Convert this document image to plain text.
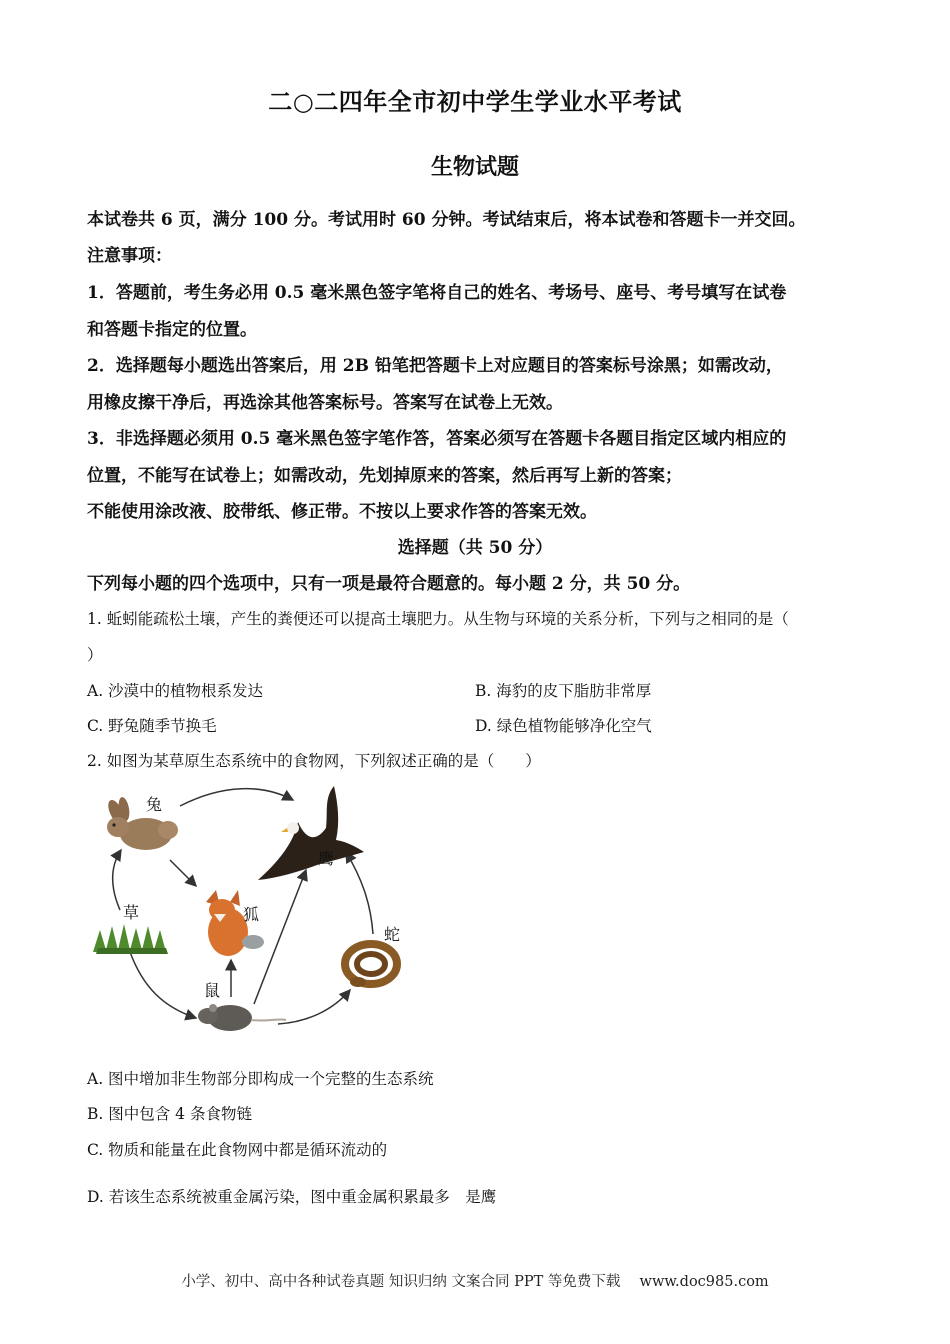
二○二四年全市初中学生学业水平考试
生物试题
本试卷共 6 页，满分 100 分。考试用时 60 分钟。考试结束后，将本试卷和答题卡一并交回。
注意事项：
1．答题前，考生务必用 0.5 毫米黑色签字笔将自己的姓名、考场号、座号、考号填写在试卷
和答题卡指定的位置。
2．选择题每小题选出答案后，用 2B 铅笔把答题卡上对应题目的答案标号涂黑；如需改动，
用橡皮擦干净后，再选涂其他答案标号。答案写在试卷上无效。
3．非选择题必须用 0.5 毫米黑色签字笔作答，答案必须写在答题卡各题目指定区域内相应的
位置，不能写在试卷上；如需改动，先划掉原来的答案，然后再写上新的答案；
不能使用涂改液、胶带纸、修正带。不按以上要求作答的答案无效。
选择题（共 50 分）
下列每小题的四个选项中，只有一项是最符合题意的。每小题 2 分，共 50 分。
1. 蚯蚓能疏松土壤，产生的粪便还可以提高土壤肥力。从生物与环境的关系分析，下列与之相同的是（
）
A. 沙漠中的植物根系发达	B. 海豹的皮下脂肪非常厚
C. 野兔随季节换毛	D. 绿色植物能够净化空气
2. 如图为某草原生态系统中的食物网，下列叙述正确的是（　　）
兔
鹰
草	狐
蛇
鼠
A. 图中增加非生物部分即构成一个完整的生态系统
B. 图中包含 4 条食物链
C. 物质和能量在此食物网中都是循环流动的
D. 若该生态系统被重金属污染，图中重金属积累最多　是鹰
小学、初中、高中各种试卷真题 知识归纳 文案合同 PPT 等免费下载　 www.doc985.com
